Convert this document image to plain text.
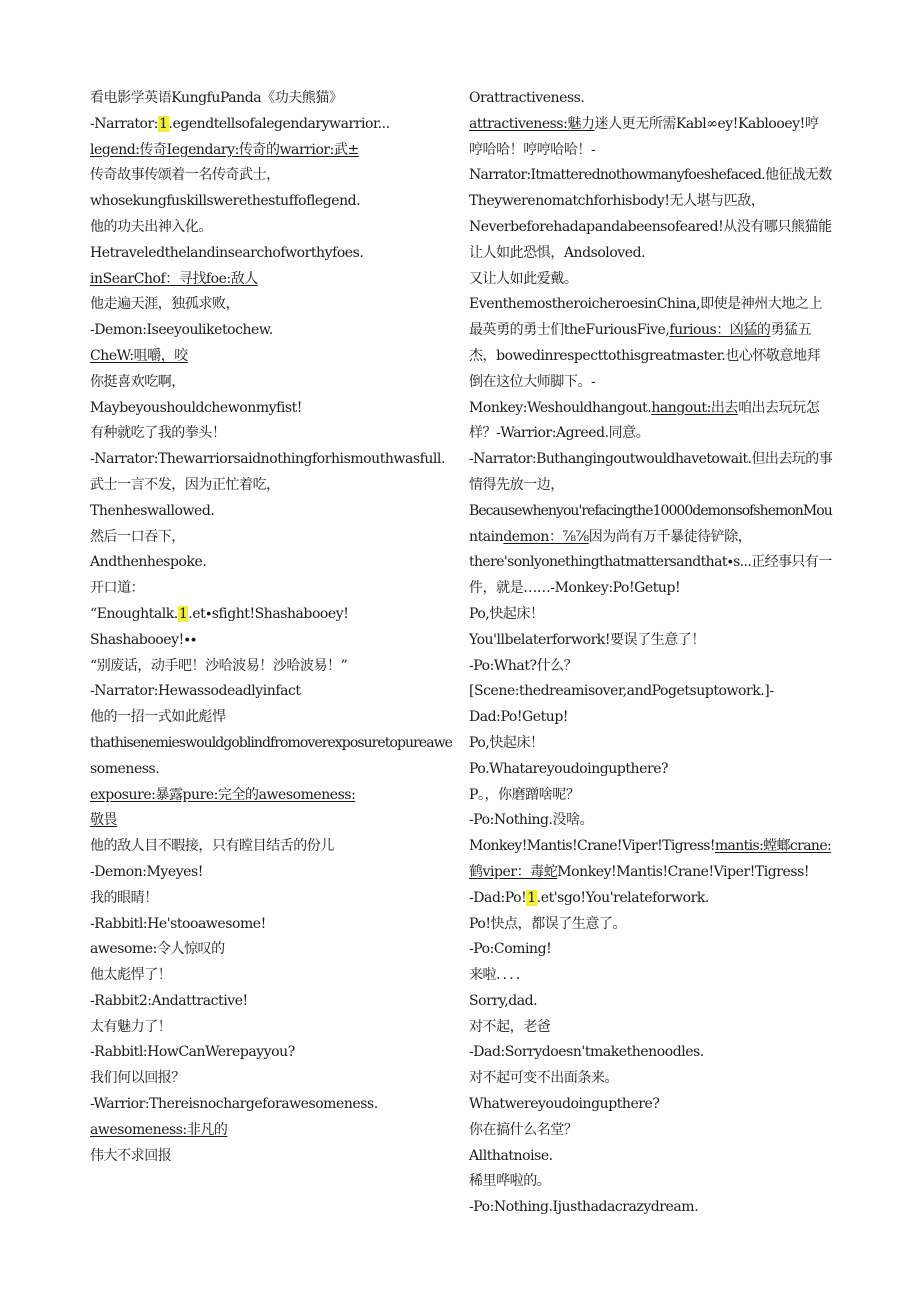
看电影学英语KungfuPanda《功夫熊猫》
-Narrator:1.egendtellsofalegendarywarrior...
legend:传奇Iegendary:传奇的warrior:武±
传奇故事传颂着一名传奇武士，
whosekungfuskillswerethestuffoflegend.
他的功夫出神入化。
Hetraveledthelandinsearchofworthyfoes.
inSearChof：寻找foe:敌人
他走遍天涯，独孤求败，
-Demon:Iseeyouliketochew.
CheW:咀嚼，咬
你挺喜欢吃啊，
Maybeyoushouldchewonmyfist!
有种就吃了我的拳头！
-Narrator:Thewarriorsaidnothingforhismouthwasfull.
武士一言不发，因为正忙着吃，
Thenheswallowed.
然后一口吞下，
Andthenhespoke.
开口道：
“Enoughtalk.1.et∙sfight!Shashabooey!
Shashabooey!∙∙
“别废话，动手吧！沙哈波易！沙哈波易！”
-Narrator:Hewassodeadlyinfact
他的一招一式如此彪悍
thathisenemieswouldgoblindfromoverexposuretopureawe
someness.
exposure:暴露pure:完全的awesomeness:
敬畏
他的敌人目不暇接，只有瞠目结舌的份儿
-Demon:Myeyes!
我的眼睛！
-Rabbitl:He'stooawesome!
awesome:令人惊叹的
他太彪悍了！
-Rabbit2:Andattractive!
太有魅力了！
-Rabbitl:HowCanWerepayyou?
我们何以回报？
-Warrior:Thereisnochargeforawesomeness.
awesomeness:非凡的
伟大不求回报
Orattractiveness.
attractiveness:魅力迷人更无所需Kabl∞ey!Kablooey!哼
哼哈哈！哼哼哈哈！-
Narrator:Itmatterednothowmanyfoeshefaced.他征战无数
Theywerenomatchforhisbody!无人堪与匹敌，
Neverbeforehadapandabeensofeared!从没有哪只熊猫能
让人如此恐惧，Andsoloved.
又让人如此爱戴。
EventhemostheroicheroesinChina,即使是神州大地之上
最英勇的勇士们theFuriousFive,furious：凶猛的勇猛五
杰，bowedinrespecttothisgreatmaster.也心怀敬意地拜
倒在这位大师脚下。-
Monkey:Weshouldhangout.hangout:出去咱出去玩玩怎
样？-Warrior:Agreed.同意。
-Narrator:Buthangingoutwouldhavetowait.但出去玩的事
情得先放一边，
Becausewhenyou'refacingthe10000demonsofshemonMou
ntaindemon：⅞⅞因为尚有万千暴徒待铲除，
there'sonlyonethingthatmattersandthat∙s...正经事只有一
件，就是……-Monkey:Po!Getup!
Po,快起床！
You'llbelaterforwork!要误了生意了！
-Po:What?什么？
[Scene:thedreamisover,andPogetsuptowork.]-
Dad:Po!Getup!
Po,快起床！
Po.Whatareyoudoingupthere?
P。，你磨蹭啥呢？
-Po:Nothing.没啥。
Monkey!Mantis!Crane!Viper!Tigress!mantis:螳螂crane:
鹤viper：毒蛇Monkey!Mantis!Crane!Viper!Tigress!
-Dad:Po!1.et'sgo!You'relateforwork.
Po!快点，都误了生意了。
-Po:Coming!
来啦．．．．
Sorry,dad.
对不起，老爸
-Dad:Sorrydoesn'tmakethenoodles.
对不起可变不出面条来。
Whatwereyoudoingupthere?
你在搞什么名堂？
Allthatnoise.
稀里哗啦的。
-Po:Nothing.Ijusthadacrazydream.
